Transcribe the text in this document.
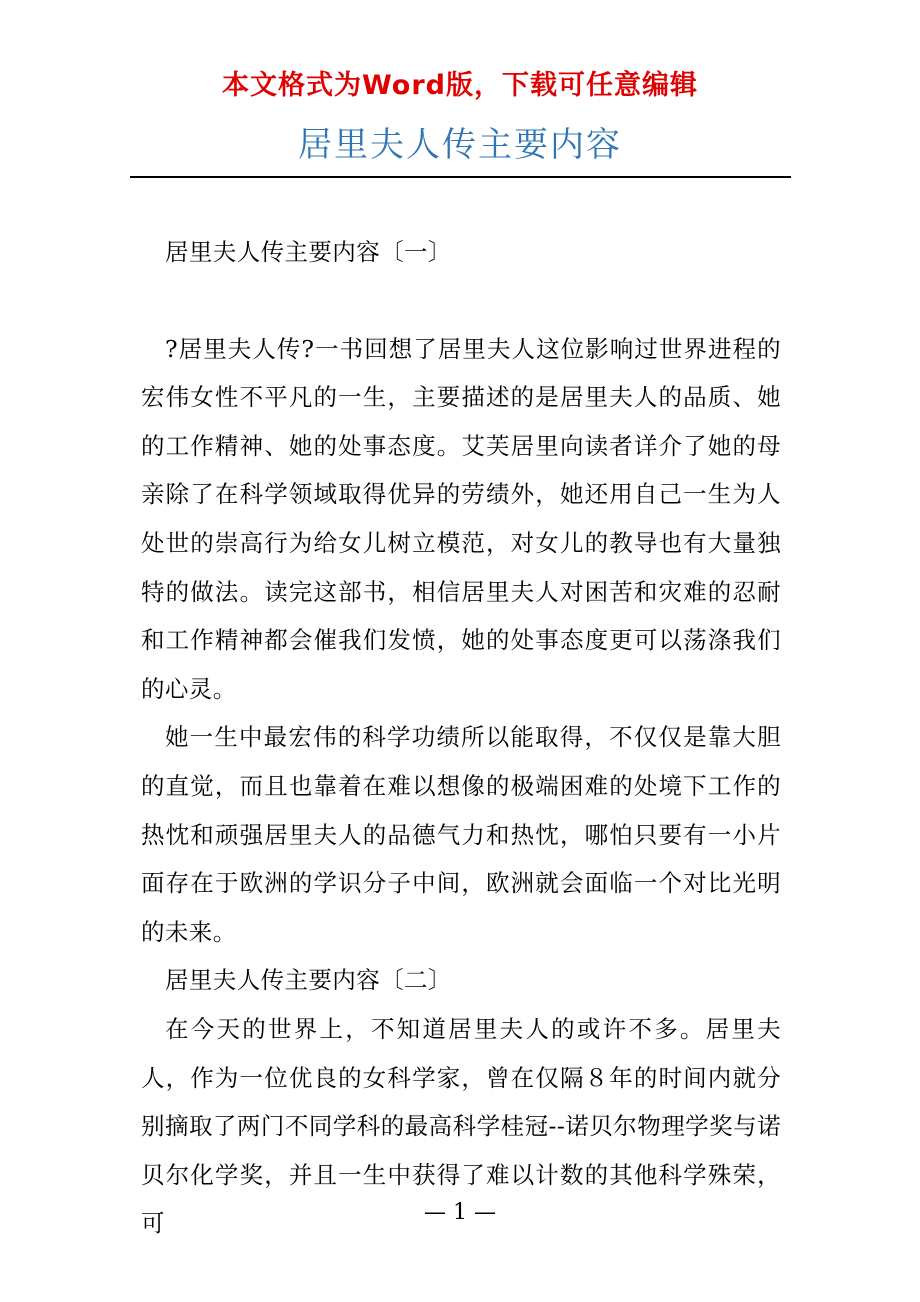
本文格式为Word版，下载可任意编辑
居里夫人传主要内容

居里夫人传主要内容〔一〕

?居里夫人传?一书回想了居里夫人这位影响过世界进程的宏伟女性不平凡的一生，主要描述的是居里夫人的品质、她的工作精神、她的处事态度。艾芙居里向读者详介了她的母亲除了在科学领域取得优异的劳绩外，她还用自己一生为人处世的崇高行为给女儿树立模范，对女儿的教导也有大量独特的做法。读完这部书，相信居里夫人对困苦和灾难的忍耐和工作精神都会催我们发愤，她的处事态度更可以荡涤我们的心灵。

她一生中最宏伟的科学功绩所以能取得，不仅仅是靠大胆的直觉，而且也靠着在难以想像的极端困难的处境下工作的热忱和顽强居里夫人的品德气力和热忱，哪怕只要有一小片面存在于欧洲的学识分子中间，欧洲就会面临一个对比光明的未来。

居里夫人传主要内容〔二〕

在今天的世界上，不知道居里夫人的或许不多。居里夫人，作为一位优良的女科学家，曾在仅隔８年的时间内就分别摘取了两门不同学科的最高科学桂冠--诺贝尔物理学奖与诺贝尔化学奖，并且一生中获得了难以计数的其他科学殊荣，可	— 1 —
